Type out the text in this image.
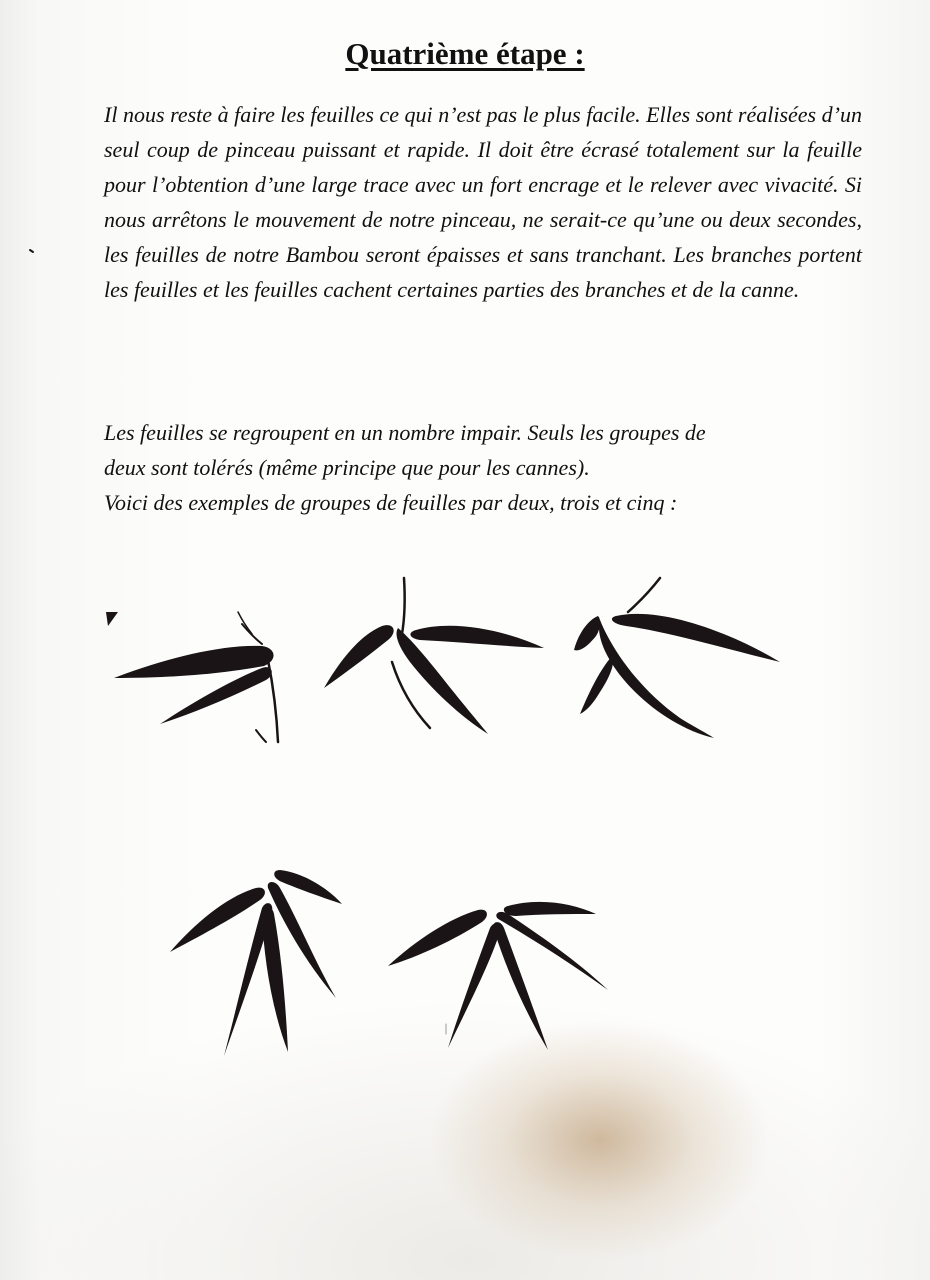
Quatrième étape :

Il nous reste à faire les feuilles ce qui n’est pas le plus facile. Elles sont réalisées d’un seul coup de pinceau puissant et rapide. Il doit être écrasé totalement sur la feuille pour l’obtention d’une large trace avec un fort encrage et le relever avec vivacité. Si nous arrêtons le mouvement de notre pinceau, ne serait-ce qu’une ou deux secondes, les feuilles de notre Bambou seront épaisses et sans tranchant. Les branches portent les feuilles et les feuilles cachent certaines parties des branches et de la canne.

Les feuilles se regroupent en un nombre impair. Seuls les groupes de
deux sont tolérés (même principe que pour les cannes).
Voici des exemples de groupes de feuilles par deux, trois et cinq :
